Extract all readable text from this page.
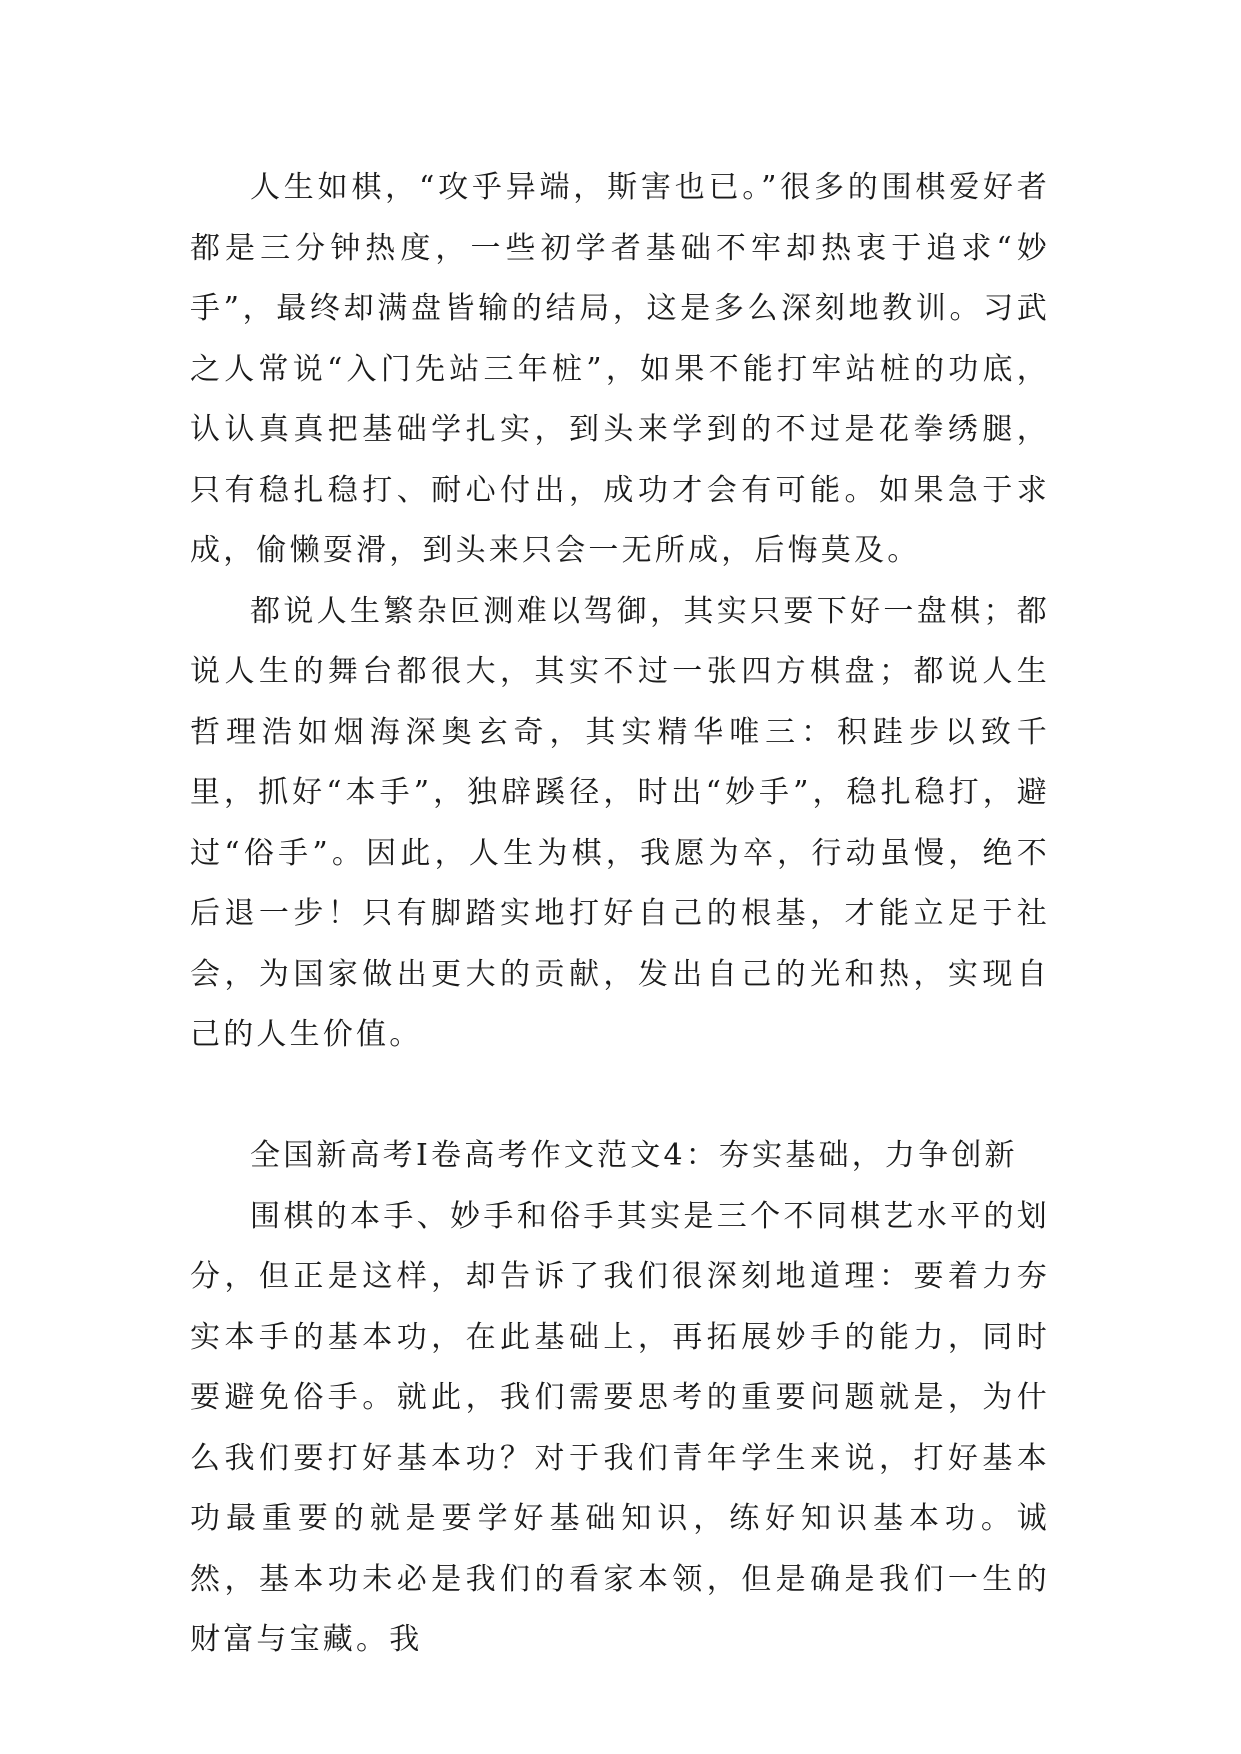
人生如棋，“攻乎异端，斯害也已。”很多的围棋爱好者都是三分钟热度，一些初学者基础不牢却热衷于追求“妙手”，最终却满盘皆输的结局，这是多么深刻地教训。习武之人常说“入门先站三年桩”，如果不能打牢站桩的功底，认认真真把基础学扎实，到头来学到的不过是花拳绣腿，只有稳扎稳打、耐心付出，成功才会有可能。如果急于求成，偷懒耍滑，到头来只会一无所成，后悔莫及。

都说人生繁杂叵测难以驾御，其实只要下好一盘棋；都说人生的舞台都很大，其实不过一张四方棋盘；都说人生哲理浩如烟海深奥玄奇，其实精华唯三：积跬步以致千里，抓好“本手”，独辟蹊径，时出“妙手”，稳扎稳打，避过“俗手”。因此，人生为棋，我愿为卒，行动虽慢，绝不后退一步！只有脚踏实地打好自己的根基，才能立足于社会，为国家做出更大的贡献，发出自己的光和热，实现自己的人生价值。

全国新高考Ⅰ卷高考作文范文4：夯实基础，力争创新

围棋的本手、妙手和俗手其实是三个不同棋艺水平的划分，但正是这样，却告诉了我们很深刻地道理：要着力夯实本手的基本功，在此基础上，再拓展妙手的能力，同时要避免俗手。就此，我们需要思考的重要问题就是，为什么我们要打好基本功？对于我们青年学生来说，打好基本功最重要的就是要学好基础知识，练好知识基本功。诚然，基本功未必是我们的看家本领，但是确是我们一生的财富与宝藏。我
